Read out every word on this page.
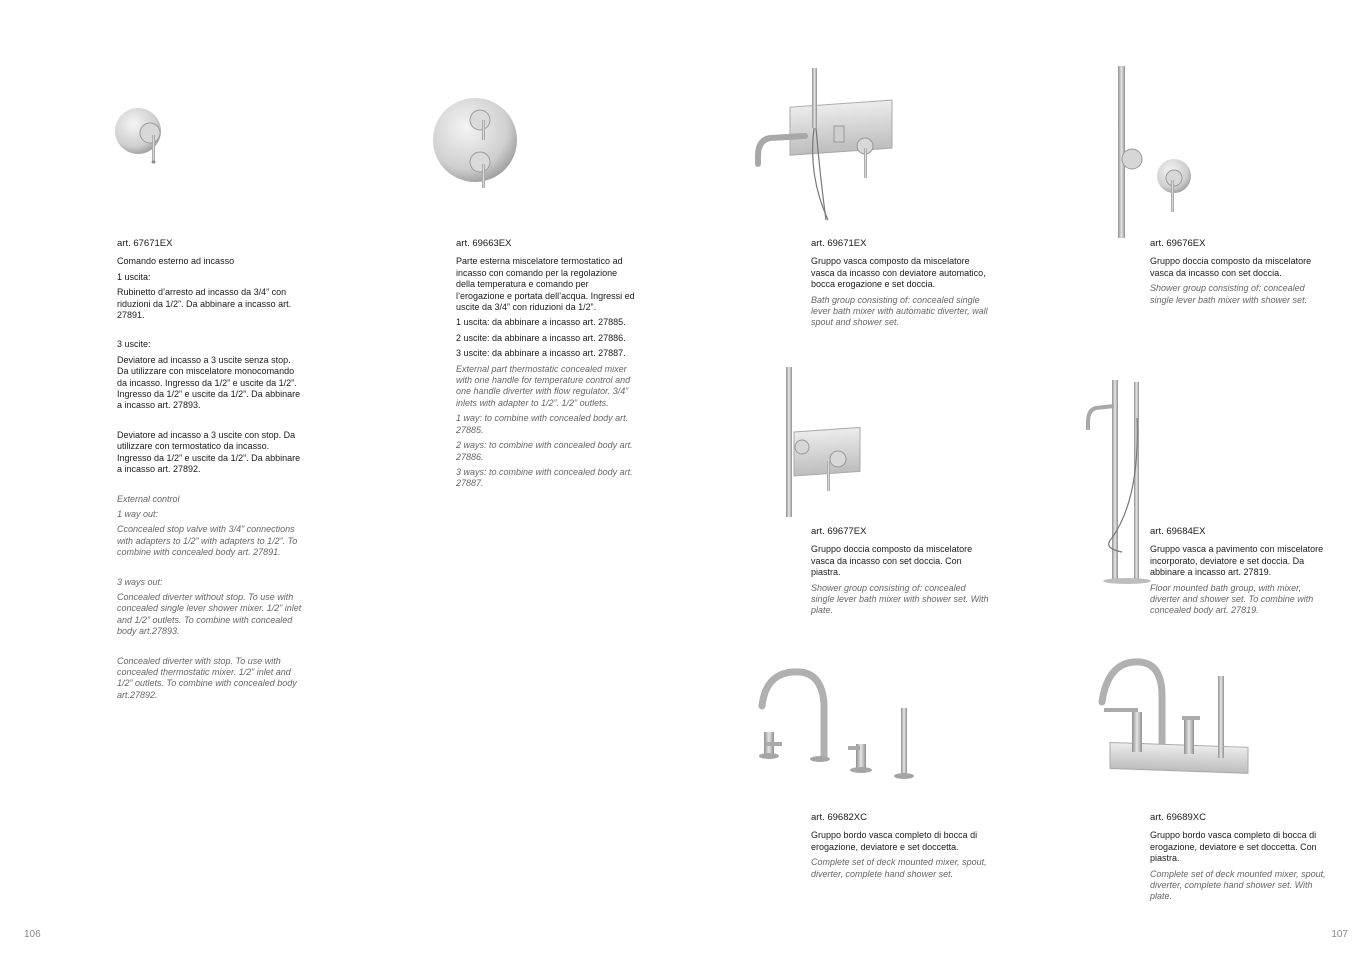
art. 67671EX

Comando esterno ad incasso

1 uscita:

Rubinetto d’arresto ad incasso da 3/4” con riduzioni da 1/2”. Da abbinare a incasso art. 27891.

3 uscite:

Deviatore ad incasso a 3 uscite senza stop. Da utilizzare con miscelatore monocomando da incasso. Ingresso da 1/2” e uscite da 1/2”. Ingresso da 1/2” e uscite da 1/2”. Da abbinare a incasso art. 27893.

Deviatore ad incasso a 3 uscite con stop. Da utilizzare con termostatico da incasso. Ingresso da 1/2” e uscite da 1/2”. Da abbinare a incasso art. 27892.

External control

1 way out:

Cconcealed stop valve with 3/4” connections with adapters to 1/2” with adapters to 1/2”. To combine with concealed body art. 27891.

3 ways out:

Concealed diverter without stop. To use with concealed single lever shower mixer. 1/2” inlet and 1/2” outlets. To combine with concealed body art.27893.

Concealed diverter with stop. To use with concealed thermostatic mixer. 1/2” inlet and 1/2” outlets. To combine with concealed body art.27892.

art. 69663EX

Parte esterna miscelatore termostatico ad incasso con comando per la regolazione della temperatura e comando per l’erogazione e portata dell’acqua. Ingressi ed uscite da 3/4” con riduzioni da 1/2”.

1 uscita: da abbinare a incasso art. 27885.

2 uscite: da abbinare a incasso art. 27886.

3 uscite: da abbinare a incasso art. 27887.

External part thermostatic concealed mixer with one handle for temperature control and one handle diverter with flow regulator. 3/4” inlets with adapter to 1/2”. 1/2” outlets.

1 way: to combine with concealed body art. 27885.

2 ways: to combine with concealed body art. 27886.

3 ways: to combine with concealed body art. 27887.

art. 69671EX

Gruppo vasca composto da miscelatore vasca da incasso con deviatore automatico, bocca erogazione e set doccia.

Bath group consisting of: concealed single lever bath mixer with automatic diverter, wall spout and shower set.

art. 69676EX

Gruppo doccia composto da miscelatore vasca da incasso con set doccia.

Shower group consisting of: concealed single lever bath mixer with shower set.

art. 69677EX

Gruppo doccia composto da miscelatore vasca da incasso con set doccia. Con piastra.

Shower group consisting of: concealed single lever bath mixer with shower set. With plate.

art. 69684EX

Gruppo vasca a pavimento con miscelatore incorporato, deviatore e set doccia. Da abbinare a incasso art. 27819.

Floor mounted bath group, with mixer, diverter and shower set. To combine with concealed body art. 27819.

art. 69682XC

Gruppo bordo vasca completo di bocca di erogazione, deviatore e set doccetta.

Complete set of deck mounted mixer, spout, diverter, complete hand shower set.

art. 69689XC

Gruppo bordo vasca completo di bocca di erogazione, deviatore e set doccetta. Con piastra.

Complete set of deck mounted mixer, spout, diverter, complete hand shower set. With plate.

106	107
